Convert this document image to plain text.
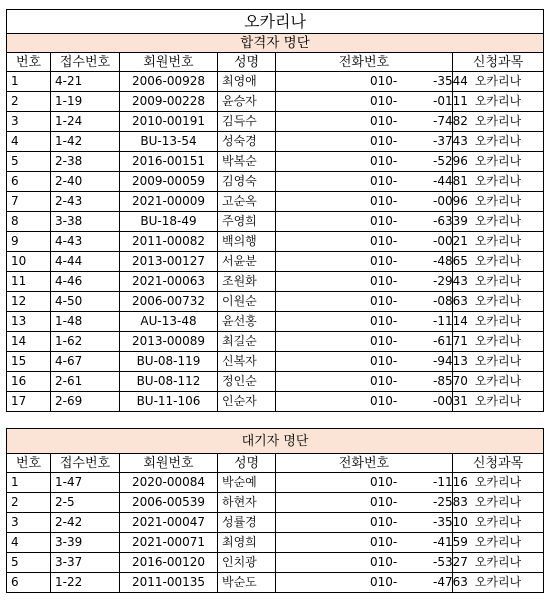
오카리나					
합격자 명단					
번호	접수번호	회원번호	성명	전화번호	신청과목
1	4-21	2006-00928	최영애	010- -3544	오카리나
2	1-19	2009-00228	윤승자	010- -0111	오카리나
3	1-24	2010-00191	김득수	010- -7482	오카리나
4	1-42	BU-13-54	성숙경	010- -3743	오카리나
5	2-38	2016-00151	박복순	010- -5296	오카리나
6	2-40	2009-00059	김영숙	010- -4481	오카리나
7	2-43	2021-00009	고순옥	010- -0096	오카리나
8	3-38	BU-18-49	주영희	010- -6339	오카리나
9	4-43	2011-00082	백의행	010- -0021	오카리나
10	4-44	2013-00127	서윤분	010- -4865	오카리나
11	4-46	2021-00063	조원화	010- -2943	오카리나
12	4-50	2006-00732	이원순	010- -0863	오카리나
13	1-48	AU-13-48	윤선홍	010- -1114	오카리나
14	1-62	2013-00089	최길순	010- -6171	오카리나
15	4-67	BU-08-119	신복자	010- -9413	오카리나
16	2-61	BU-08-112	정인순	010- -8570	오카리나
17	2-69	BU-11-106	인순자	010- -0031	오카리나
대기자 명단					
번호	접수번호	회원번호	성명	전화번호	신청과목
1	1-47	2020-00084	박순예	010- -1116	오카리나
2	2-5	2006-00539	하현자	010- -2583	오카리나
3	2-42	2021-00047	성률경	010- -3510	오카리나
4	3-39	2021-00071	최영희	010- -4159	오카리나
5	3-37	2016-00120	인치광	010- -5327	오카리나
6	1-22	2011-00135	박순도	010- -4763	오카리나
